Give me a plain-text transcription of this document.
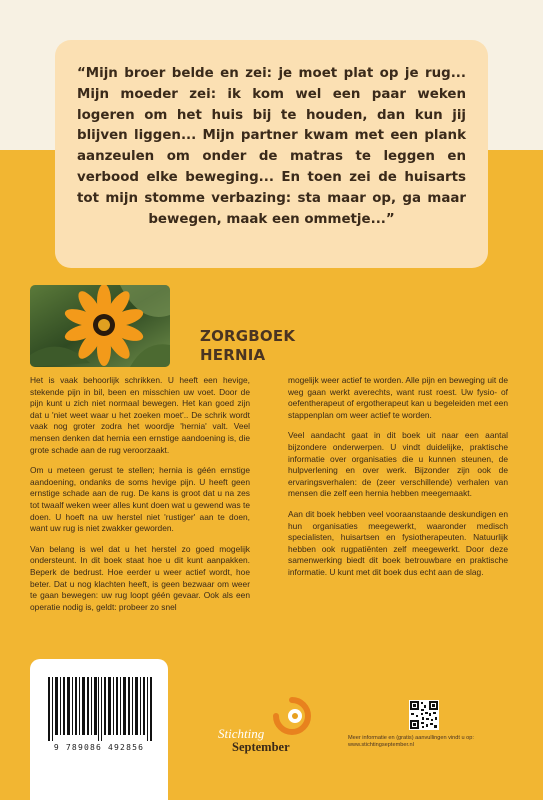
“Mijn broer belde en zei: je moet plat op je rug... Mijn moeder zei: ik kom wel een paar weken logeren om het huis bij te houden, dan kun jij blijven liggen... Mijn partner kwam met een plank aanzeulen om onder de matras te leggen en verbood elke beweging... En toen zei de huisarts tot mijn stomme verbazing: sta maar op, ga maar bewegen, maak een ommetje...”

ZORGBOEK
HERNIA

Het is vaak behoorlijk schrikken. U heeft een hevige, stekende pijn in bil, been en misschien uw voet. Door de pijn kunt u zich niet normaal bewegen. Het kan goed zijn dat u 'niet weet waar u het zoeken moet'.. De schrik wordt vaak nog groter zodra het woordje 'hernia' valt. Veel mensen denken dat hernia een ernstige aandoening is, die grote schade aan de rug veroorzaakt.

Om u meteen gerust te stellen; hernia is géén ernstige aandoening, ondanks de soms hevige pijn. U heeft geen ernstige schade aan de rug. De kans is groot dat u na zes tot twaalf weken weer alles kunt doen wat u gewend was te doen. U hoeft na uw herstel niet 'rustiger' aan te doen, want uw rug is niet zwakker geworden.

Van belang is wel dat u het herstel zo goed mogelijk ondersteunt. In dit boek staat hoe u dit kunt aanpakken. Beperk de bedrust. Hoe eerder u weer actief wordt, hoe beter. Dat u nog klachten heeft, is geen bezwaar om weer te gaan bewegen: uw rug loopt géén gevaar. Ook als een operatie nodig is, geldt: probeer zo snel

mogelijk weer actief te worden. Alle pijn en beweging uit de weg gaan werkt averechts, want rust roest. Uw fysio- of oefentherapeut of ergotherapeut kan u begeleiden met een stappenplan om weer actief te worden.

Veel aandacht gaat in dit boek uit naar een aantal bijzondere onderwerpen. U vindt duidelijke, praktische informatie over organisaties die u kunnen steunen, de hulpverlening en over werk. Bijzonder zijn ook de ervaringsverhalen: de (zeer verschillende) verhalen van mensen die zelf een hernia hebben meegemaakt.

Aan dit boek hebben veel vooraanstaande deskundigen en hun organisaties meegewerkt, waaronder medisch specialisten, huisartsen en fysiotherapeuten. Natuurlijk hebben ook rugpatiënten zelf meegewerkt. Door deze samenwerking biedt dit boek betrouwbare en praktische informatie. U kunt met dit boek dus echt aan de slag.

9 789086 492856
Stichting
September
Meer informatie en (gratis) aanvullingen vindt u op:
www.stichtingseptember.nl
